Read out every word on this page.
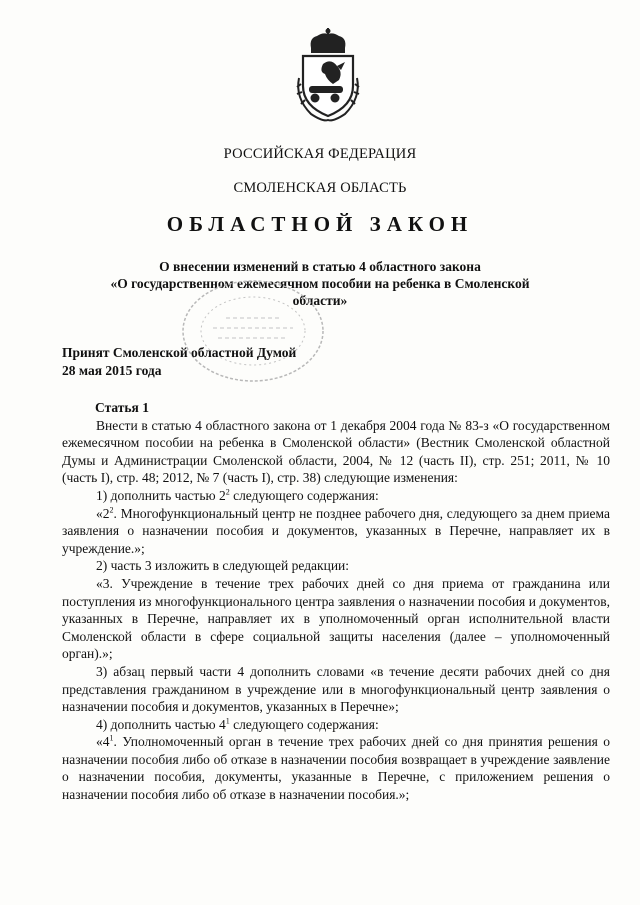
РОССИЙСКАЯ ФЕДЕРАЦИЯ
СМОЛЕНСКАЯ ОБЛАСТЬ
ОБЛАСТНОЙ ЗАКОН
О внесении изменений в статью 4 областного закона
«О государственном ежемесячном пособии на ребенка в Смоленской
области»
Принят Смоленской областной Думой
28 мая 2015 года

Статья 1

Внести в статью 4 областного закона от 1 декабря 2004 года № 83-з «О государственном ежемесячном пособии на ребенка в Смоленской области» (Вестник Смоленской областной Думы и Администрации Смоленской области, 2004, № 12 (часть II), стр. 251; 2011, № 10 (часть I), стр. 48; 2012, № 7 (часть I), стр. 38) следующие изменения:

1) дополнить частью $2^2$ следующего содержания:

«$2^2$. Многофункциональный центр не позднее рабочего дня, следующего за днем приема заявления о назначении пособия и документов, указанных в Перечне, направляет их в учреждение.»;

2) часть 3 изложить в следующей редакции:

«3. Учреждение в течение трех рабочих дней со дня приема от гражданина или поступления из многофункционального центра заявления о назначении пособия и документов, указанных в Перечне, направляет их в уполномоченный орган исполнительной власти Смоленской области в сфере социальной защиты населения (далее – уполномоченный орган).»;

3) абзац первый части 4 дополнить словами «в течение десяти рабочих дней со дня представления гражданином в учреждение или в многофункциональный центр заявления о назначении пособия и документов, указанных в Перечне»;

4) дополнить частью $4^1$ следующего содержания:

«$4^1$. Уполномоченный орган в течение трех рабочих дней со дня принятия решения о назначении пособия либо об отказе в назначении пособия возвращает в учреждение заявление о назначении пособия, документы, указанные в Перечне, с приложением решения о назначении пособия либо об отказе в назначении пособия.»;
